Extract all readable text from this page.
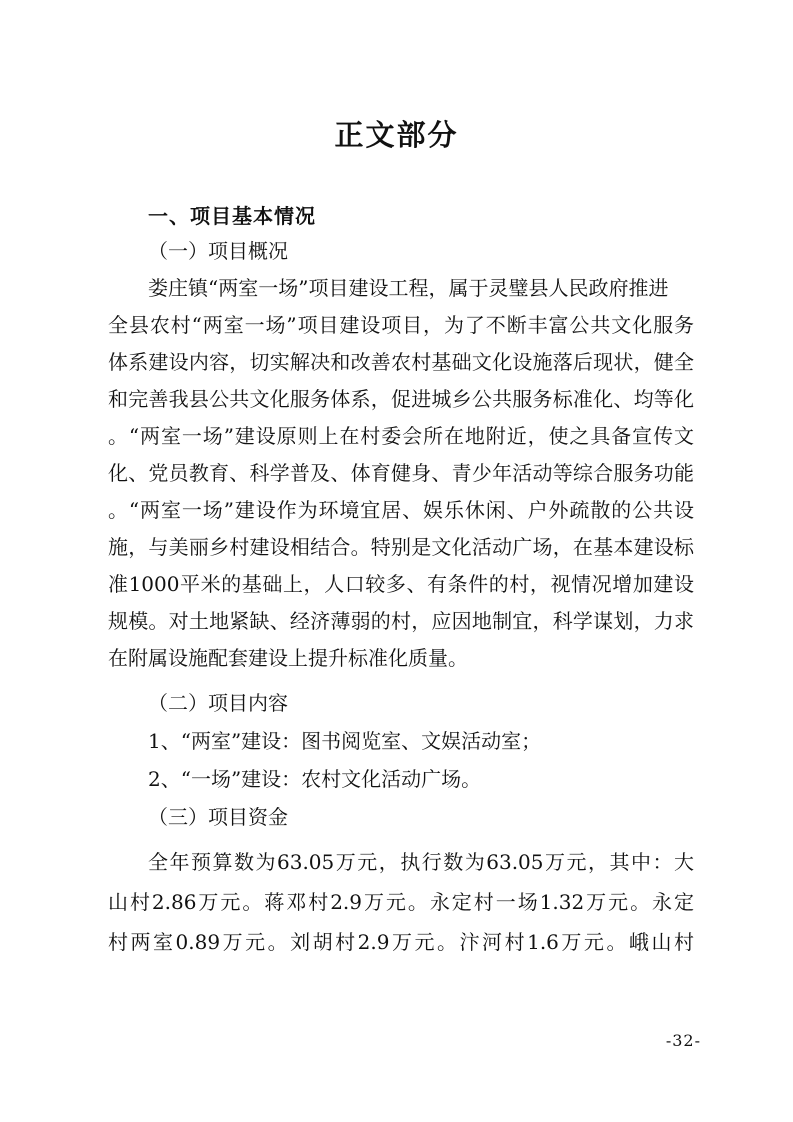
正文部分
一、项目基本情况

（一）项目概况

娄庄镇“两室一场”项目建设工程，属于灵璧县人民政府推进

全县农村“两室一场”项目建设项目，为了不断丰富公共文化服务

体系建设内容，切实解决和改善农村基础文化设施落后现状，健全

和完善我县公共文化服务体系，促进城乡公共服务标准化、均等化

。“两室一场”建设原则上在村委会所在地附近，使之具备宣传文

化、党员教育、科学普及、体育健身、青少年活动等综合服务功能

。“两室一场”建设作为环境宜居、娱乐休闲、户外疏散的公共设

施，与美丽乡村建设相结合。特别是文化活动广场，在基本建设标

准1000平米的基础上，人口较多、有条件的村，视情况增加建设

规模。对土地紧缺、经济薄弱的村，应因地制宜，科学谋划，力求

在附属设施配套建设上提升标准化质量。

（二）项目内容

1、“两室”建设：图书阅览室、文娱活动室；

2、“一场”建设：农村文化活动广场。

（三）项目资金

全年预算数为63.05万元，执行数为63.05万元，其中：大

山村2.86万元。蒋邓村2.9万元。永定村一场1.32万元。永定

村两室0.89万元。刘胡村2.9万元。汴河村1.6万元。峨山村

-32-
